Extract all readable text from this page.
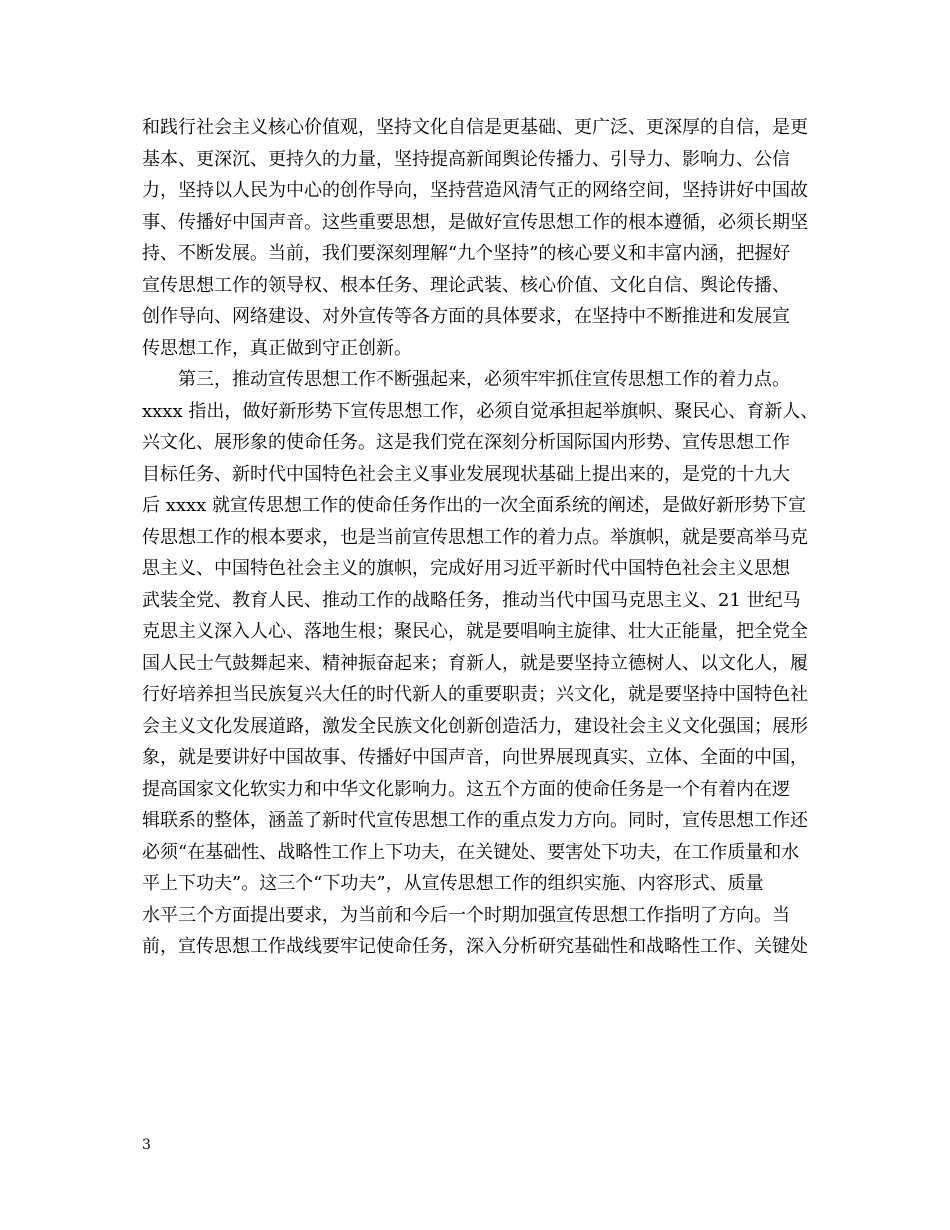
和践行社会主义核心价值观，坚持文化自信是更基础、更广泛、更深厚的自信，是更
基本、更深沉、更持久的力量，坚持提高新闻舆论传播力、引导力、影响力、公信
力，坚持以人民为中心的创作导向，坚持营造风清气正的网络空间，坚持讲好中国故
事、传播好中国声音。这些重要思想，是做好宣传思想工作的根本遵循，必须长期坚
持、不断发展。当前，我们要深刻理解“九个坚持”的核心要义和丰富内涵，把握好
宣传思想工作的领导权、根本任务、理论武装、核心价值、文化自信、舆论传播、
创作导向、网络建设、对外宣传等各方面的具体要求，在坚持中不断推进和发展宣
传思想工作，真正做到守正创新。
　　第三，推动宣传思想工作不断强起来，必须牢牢抓住宣传思想工作的着力点。
xxxx 指出，做好新形势下宣传思想工作，必须自觉承担起举旗帜、聚民心、育新人、
兴文化、展形象的使命任务。这是我们党在深刻分析国际国内形势、宣传思想工作
目标任务、新时代中国特色社会主义事业发展现状基础上提出来的，是党的十九大
后 xxxx 就宣传思想工作的使命任务作出的一次全面系统的阐述，是做好新形势下宣
传思想工作的根本要求，也是当前宣传思想工作的着力点。举旗帜，就是要高举马克
思主义、中国特色社会主义的旗帜，完成好用习近平新时代中国特色社会主义思想
武装全党、教育人民、推动工作的战略任务，推动当代中国马克思主义、21 世纪马
克思主义深入人心、落地生根；聚民心，就是要唱响主旋律、壮大正能量，把全党全
国人民士气鼓舞起来、精神振奋起来；育新人，就是要坚持立德树人、以文化人，履
行好培养担当民族复兴大任的时代新人的重要职责；兴文化，就是要坚持中国特色社
会主义文化发展道路，激发全民族文化创新创造活力，建设社会主义文化强国；展形
象，就是要讲好中国故事、传播好中国声音，向世界展现真实、立体、全面的中国，
提高国家文化软实力和中华文化影响力。这五个方面的使命任务是一个有着内在逻
辑联系的整体，涵盖了新时代宣传思想工作的重点发力方向。同时，宣传思想工作还
必须“在基础性、战略性工作上下功夫，在关键处、要害处下功夫，在工作质量和水
平上下功夫”。这三个“下功夫”，从宣传思想工作的组织实施、内容形式、质量
水平三个方面提出要求，为当前和今后一个时期加强宣传思想工作指明了方向。当
前，宣传思想工作战线要牢记使命任务，深入分析研究基础性和战略性工作、关键处
3
